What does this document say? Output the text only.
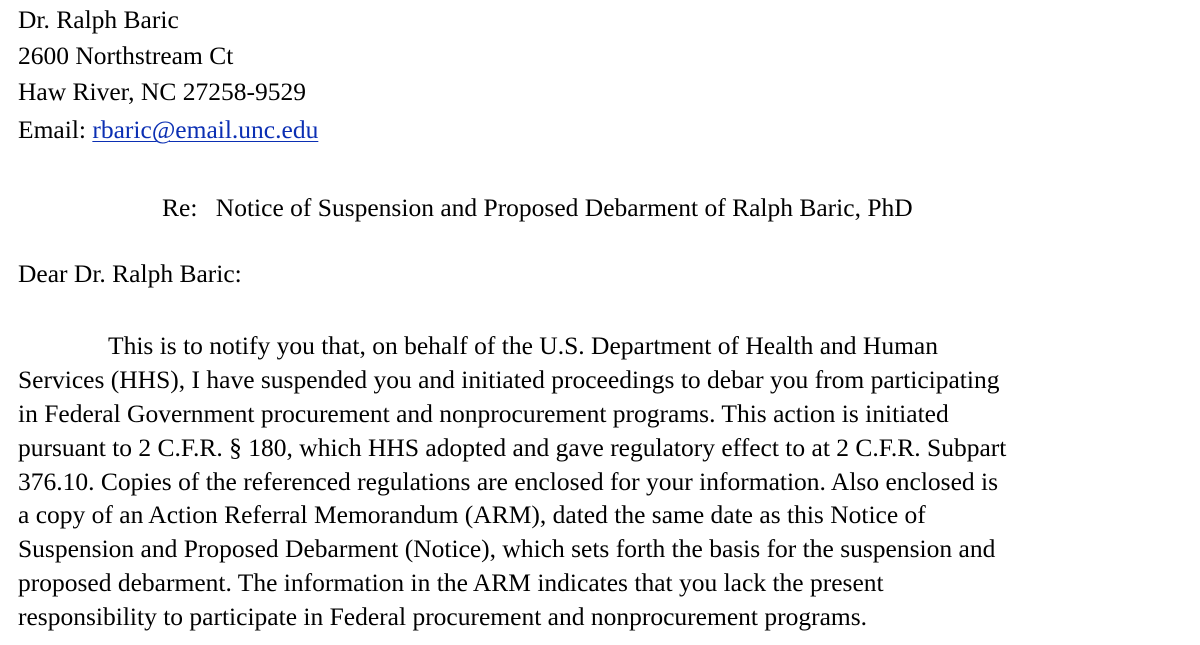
Dr. Ralph Baric
2600 Northstream Ct
Haw River, NC 27258-9529
Email: rbaric@email.unc.edu
Re: Notice of Suspension and Proposed Debarment of Ralph Baric, PhD
Dear Dr. Ralph Baric:
This is to notify you that, on behalf of the U.S. Department of Health and Human
Services (HHS), I have suspended you and initiated proceedings to debar you from participating
in Federal Government procurement and nonprocurement programs. This action is initiated
pursuant to 2 C.F.R. § 180, which HHS adopted and gave regulatory effect to at 2 C.F.R. Subpart
376.10. Copies of the referenced regulations are enclosed for your information. Also enclosed is
a copy of an Action Referral Memorandum (ARM), dated the same date as this Notice of
Suspension and Proposed Debarment (Notice), which sets forth the basis for the suspension and
proposed debarment. The information in the ARM indicates that you lack the present
responsibility to participate in Federal procurement and nonprocurement programs.
